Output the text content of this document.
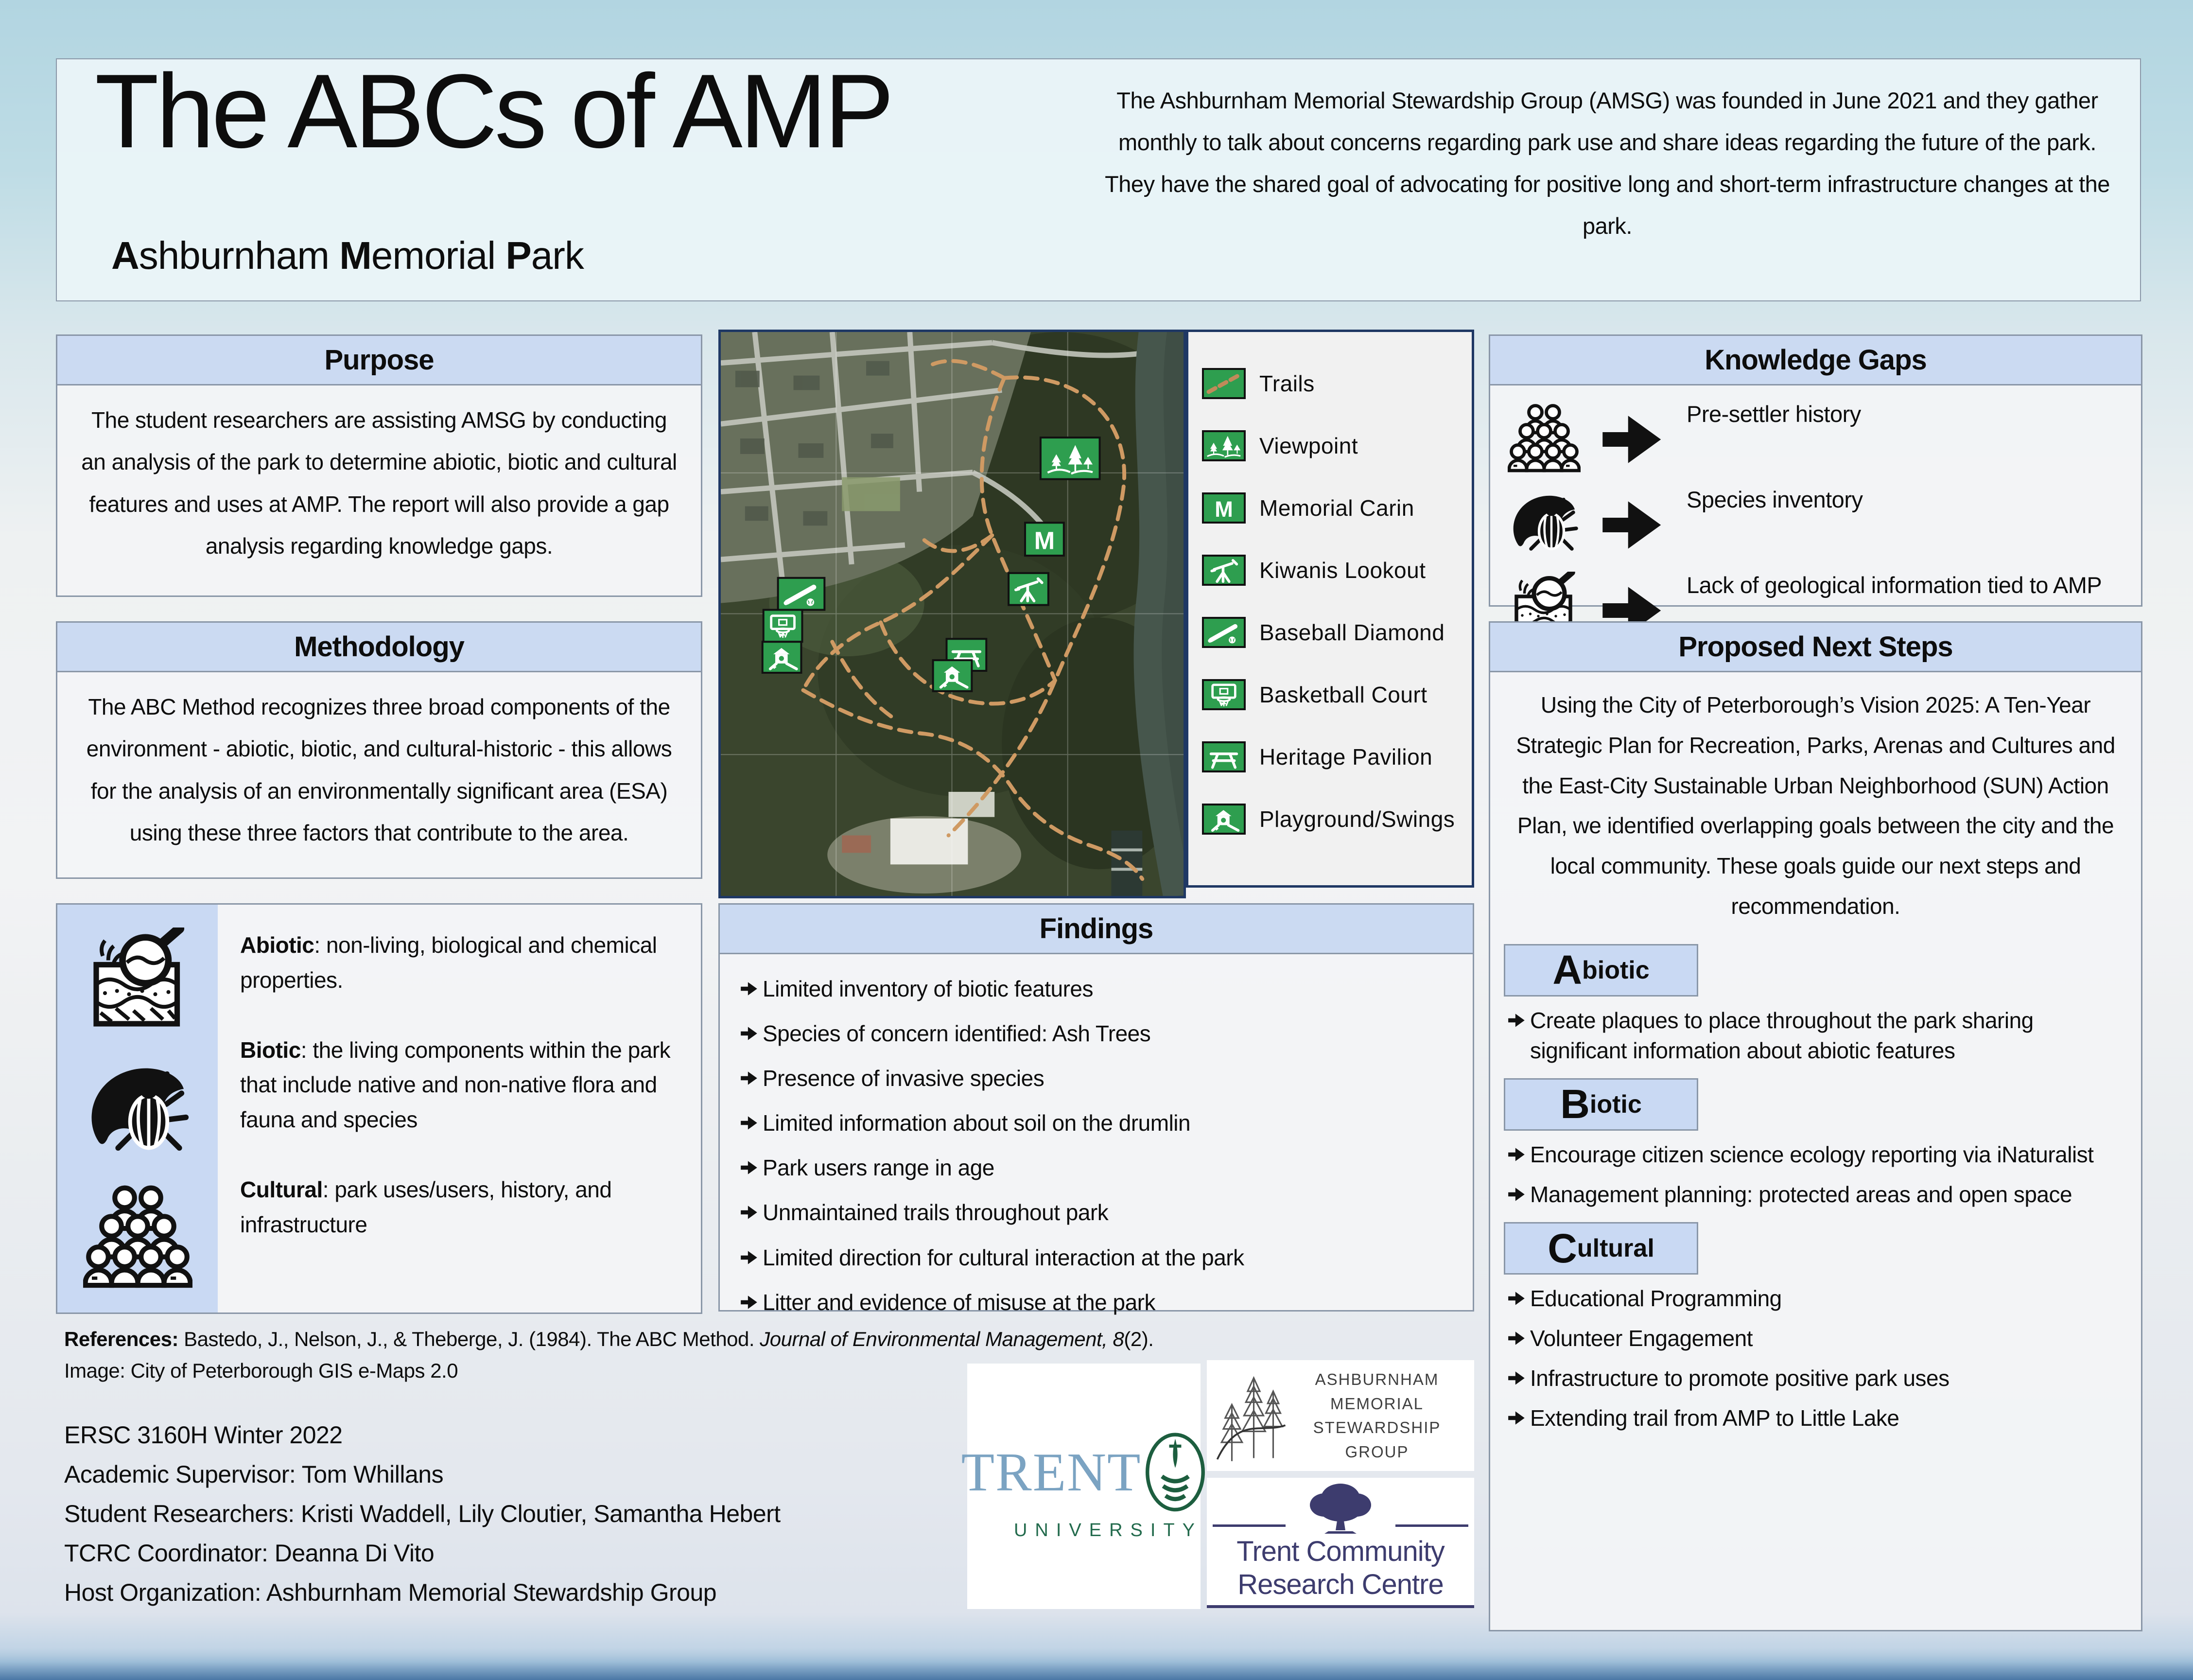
The ABCs of AMP
Ashburnham Memorial Park
The Ashburnham Memorial Stewardship Group (AMSG) was founded in June 2021 and they gather monthly to talk about concerns regarding park use and share ideas regarding the future of the park. They have the shared goal of advocating for positive long and short-term infrastructure changes at the park.
Purpose
The student researchers are assisting AMSG by conducting an analysis of the park to determine abiotic, biotic and cultural features and uses at AMP. The report will also provide a gap analysis regarding knowledge gaps.
Methodology
The ABC Method recognizes three broad components of the environment - abiotic, biotic, and cultural-historic - this allows for the analysis of an environmentally significant area (ESA) using these three factors that contribute to the area.

Abiotic: non-living, biological and chemical properties.

Biotic: the living components within the park that include native and non-native flora and fauna and species

Cultural: park uses/users, history, and infrastructure

Trails
Viewpoint
Memorial Carin
Kiwanis Lookout
Baseball Diamond
Basketball Court
Heritage Pavilion
Playground/Swings
Findings
Limited inventory of biotic features
Species of concern identified: Ash Trees
Presence of invasive species
Limited information about soil on the drumlin
Park users range in age
Unmaintained trails throughout park
Limited direction for cultural interaction at the park
Litter and evidence of misuse at the park
Knowledge Gaps
Pre-settler history
Species inventory
Lack of geological information tied to AMP
Proposed Next Steps
Using the City of Peterborough’s Vision 2025: A Ten-Year Strategic Plan for Recreation, Parks, Arenas and Cultures and the East-City Sustainable Urban Neighborhood (SUN) Action Plan, we identified overlapping goals between the city and the local community. These goals guide our next steps and recommendation.
A biotic
Create plaques to place throughout the park sharing significant information about abiotic features
B iotic
Encourage citizen science ecology reporting via iNaturalist
Management planning: protected areas and open space
C ultural
Educational Programming
Volunteer Engagement
Infrastructure to promote positive park uses
Extending trail from AMP to Little Lake
References: Bastedo, J., Nelson, J., & Theberge, J. (1984). The ABC Method. Journal of Environmental Management, 8(2).
Image: City of Peterborough GIS e-Maps 2.0
ERSC 3160H Winter 2022
Academic Supervisor: Tom Whillans
Student Researchers: Kristi Waddell, Lily Cloutier, Samantha Hebert
TCRC Coordinator: Deanna Di Vito
Host Organization: Ashburnham Memorial Stewardship Group
TRENT
UNIVERSITY
ASHBURNHAM MEMORIAL
STEWARDSHIP GROUP
Trent Community
Research Centre
